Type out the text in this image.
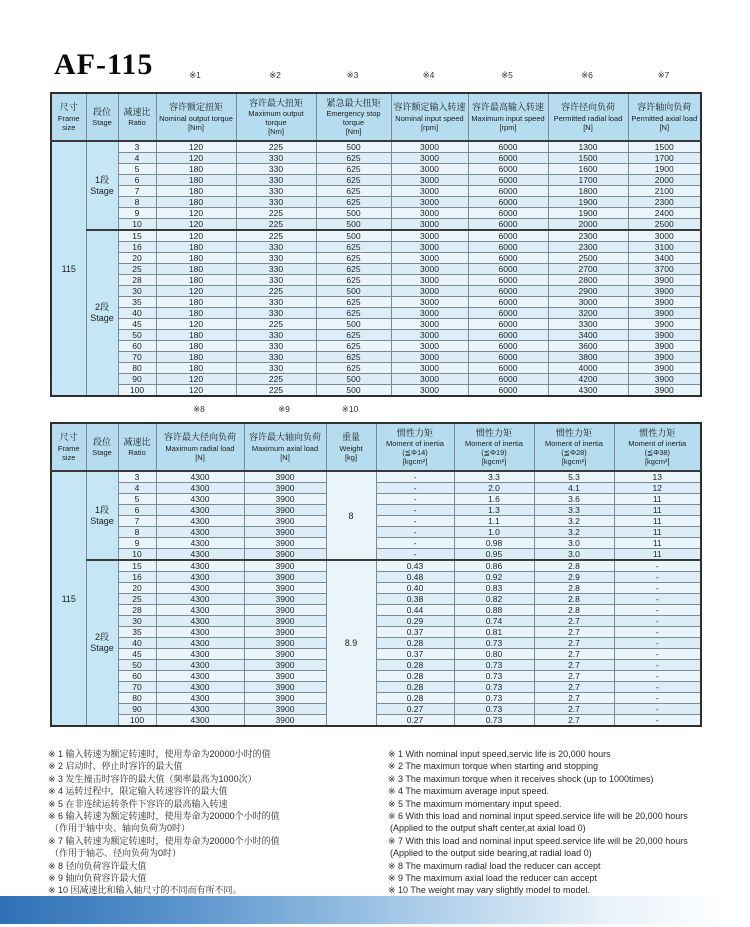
AF-115	※1	※2	※3	※4	※5	※6	※7
尺寸
Frame size

段位
Stage

减速比
Ratio

容许额定扭矩
Nominal output torque
[Nm]

容许最大扭矩
Maximum output torque
[Nm]

紧急最大扭矩
Emergency stop torque
[Nm]

容许额定输入转速
Nominal input speed
[rpm]

容许最高输入转速
Maximum input speed
[rpm]

容许径向负荷
Permitted radial load
[N]

容许轴向负荷
Permitted axial load
[N]

115	1段
Stage	3	120	225	500	3000	6000	1300	1500
		4	120	330	625	3000	6000	1500	1700
		5	180	330	625	3000	6000	1600	1900
		6	180	330	625	3000	6000	1700	2000
		7	180	330	625	3000	6000	1800	2100
		8	180	330	625	3000	6000	1900	2300
		9	120	225	500	3000	6000	1900	2400
		10	120	225	500	3000	6000	2000	2500

	2段
Stage	15	120	225	500	3000	6000	2300	3000
		16	180	330	625	3000	6000	2300	3100
		20	180	330	625	3000	6000	2500	3400
		25	180	330	625	3000	6000	2700	3700
		28	180	330	625	3000	6000	2800	3900
		30	120	225	500	3000	6000	2900	3900
		35	180	330	625	3000	6000	3000	3900
		40	180	330	625	3000	6000	3200	3900
		45	120	225	500	3000	6000	3300	3900
		50	180	330	625	3000	6000	3400	3900
		60	180	330	625	3000	6000	3600	3900
		70	180	330	625	3000	6000	3800	3900
		80	180	330	625	3000	6000	4000	3900
		90	120	225	500	3000	6000	4200	3900
		100	120	225	500	3000	6000	4300	3900
※8	※9	※10
尺寸
Frame size

段位
Stage

减速比
Ratio

容许最大径向负荷
Maximum radial load
[N]

容许最大轴向负荷
Maximum axial load
[N]

重量
Weight
[kg]

惯性力矩
Moment of inertia
(≦Φ14)
[kgcm²]

惯性力矩
Moment of inertia
(≦Φ19)
[kgcm²]

惯性力矩
Moment of inertia
(≦Φ28)
[kgcm²]

惯性力矩
Moment of inertia
(≦Φ38)
[kgcm²]

115	1段
Stage	3	4300	3900	8	-	3.3	5.3	13
		4	4300	3900		-	2.0	4.1	12
		5	4300	3900		-	1.6	3.6	11
		6	4300	3900		-	1.3	3.3	11
		7	4300	3900		-	1.1	3.2	11
		8	4300	3900		-	1.0	3.2	11
		9	4300	3900		-	0.98	3.0	11
		10	4300	3900		-	0.95	3.0	11

	2段
Stage	15	4300	3900	8.9	0.43	0.86	2.8	-
		16	4300	3900		0.48	0.92	2.9	-
		20	4300	3900		0.40	0.83	2.8	-
		25	4300	3900		0.38	0.82	2.8	-
		28	4300	3900		0.44	0.88	2.8	-
		30	4300	3900		0.29	0.74	2.7	-
		35	4300	3900		0.37	0.81	2.7	-
		40	4300	3900		0.28	0.73	2.7	-
		45	4300	3900		0.37	0.80	2.7	-
		50	4300	3900		0.28	0.73	2.7	-
		60	4300	3900		0.28	0.73	2.7	-
		70	4300	3900		0.28	0.73	2.7	-
		80	4300	3900		0.28	0.73	2.7	-
		90	4300	3900		0.27	0.73	2.7	-
		100	4300	3900		0.27	0.73	2.7	-
※ 1 输入转速为额定转速时，使用寿命为20000小时的值
※ 2 启动时、停止时容许的最大值
※ 3 发生撞击时容许的最大值（频率最高为1000次）
※ 4 运转过程中，限定输入转速容许的最大值
※ 5 在非连续运转条件下容许的最高输入转速
※ 6 输入转速为额定转速时，使用寿命为20000个小时的值
（作用于轴中央、轴向负荷为0时）
※ 7 输入转速为额定转速时，使用寿命为20000个小时的值
（作用于轴芯、径向负荷为0时）
※ 8 径向负荷容许最大值
※ 9 轴向负荷容许最大值
※ 10 因减速比和输入轴尺寸的不同而有所不同。
※ 1 With nominal input speed,servic life is 20,000 hours
※ 2 The maximun torque when starting and stopping
※ 3 The maximun torque when it receives shock (up to 1000times)
※ 4 The maximum average input speed.
※ 5 The maximum momentary input speed.
※ 6 With this load and nominal input speed.service life will be 20,000 hours
(Applied to the output shaft center,at axial load 0)
※ 7 With this load and nominal input speed.service life will be 20,000 hours
(Applied to the output side bearing,at radial load 0)
※ 8 The maximum radial load the reducer can accept
※ 9 The maximum axial load the reducer can accept
※ 10 The weight may vary slightly model to model.
